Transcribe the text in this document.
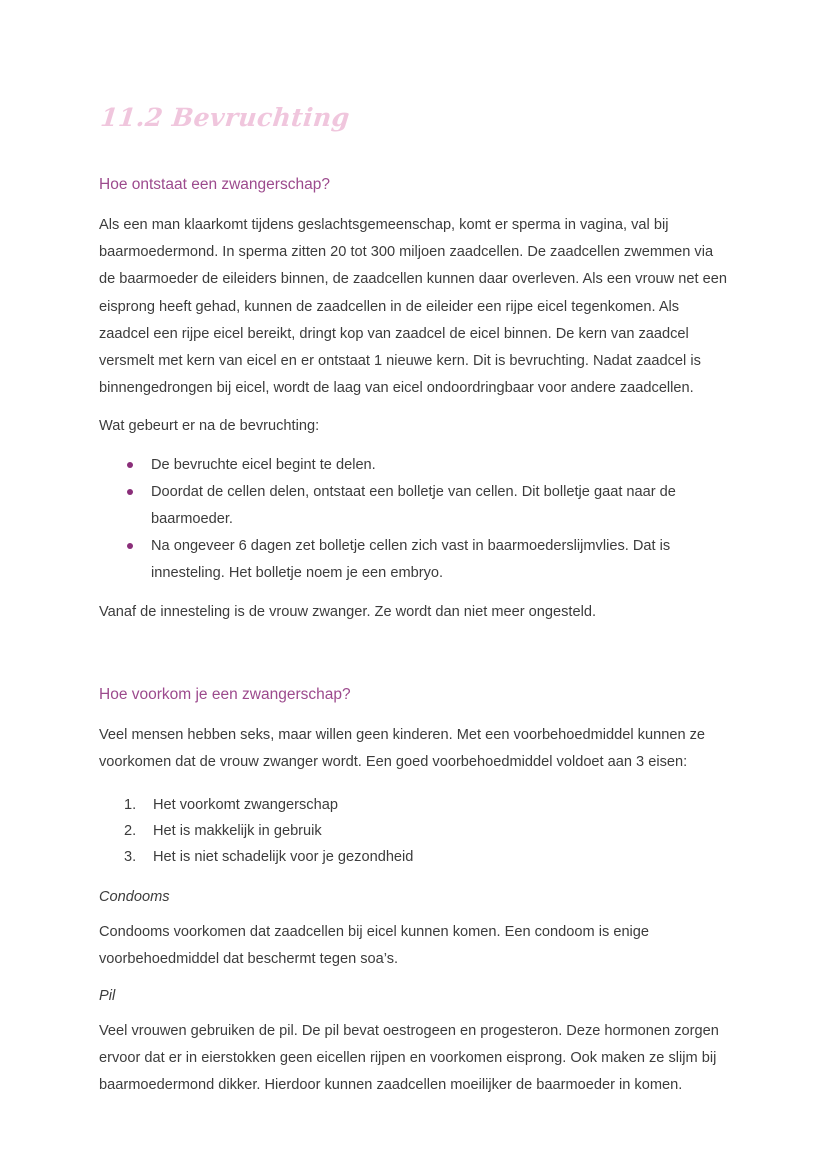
11.2 Bevruchting
Hoe ontstaat een zwangerschap?

Als een man klaarkomt tijdens geslachtsgemeenschap, komt er sperma in vagina, val bij baarmoedermond. In sperma zitten 20 tot 300 miljoen zaadcellen. De zaadcellen zwemmen via de baarmoeder de eileiders binnen, de zaadcellen kunnen daar overleven. Als een vrouw net een eisprong heeft gehad, kunnen de zaadcellen in de eileider een rijpe eicel tegenkomen. Als zaadcel een rijpe eicel bereikt, dringt kop van zaadcel de eicel binnen. De kern van zaadcel versmelt met kern van eicel en er ontstaat 1 nieuwe kern. Dit is bevruchting. Nadat zaadcel is binnengedrongen bij eicel, wordt de laag van eicel ondoordringbaar voor andere zaadcellen.

Wat gebeurt er na de bevruchting:

De bevruchte eicel begint te delen.
Doordat de cellen delen, ontstaat een bolletje van cellen. Dit bolletje gaat naar de baarmoeder.
Na ongeveer 6 dagen zet bolletje cellen zich vast in baarmoederslijmvlies. Dat is innesteling. Het bolletje noem je een embryo.

Vanaf de innesteling is de vrouw zwanger. Ze wordt dan niet meer ongesteld.

Hoe voorkom je een zwangerschap?

Veel mensen hebben seks, maar willen geen kinderen. Met een voorbehoedmiddel kunnen ze voorkomen dat de vrouw zwanger wordt. Een goed voorbehoedmiddel voldoet aan 3 eisen:

1.	Het voorkomt zwangerschap
2.	Het is makkelijk in gebruik
3.	Het is niet schadelijk voor je gezondheid
Condooms

Condooms voorkomen dat zaadcellen bij eicel kunnen komen. Een condoom is enige voorbehoedmiddel dat beschermt tegen soa’s.

Pil

Veel vrouwen gebruiken de pil. De pil bevat oestrogeen en progesteron. Deze hormonen zorgen ervoor dat er in eierstokken geen eicellen rijpen en voorkomen eisprong. Ook maken ze slijm bij baarmoedermond dikker. Hierdoor kunnen zaadcellen moeilijker de baarmoeder in komen.
